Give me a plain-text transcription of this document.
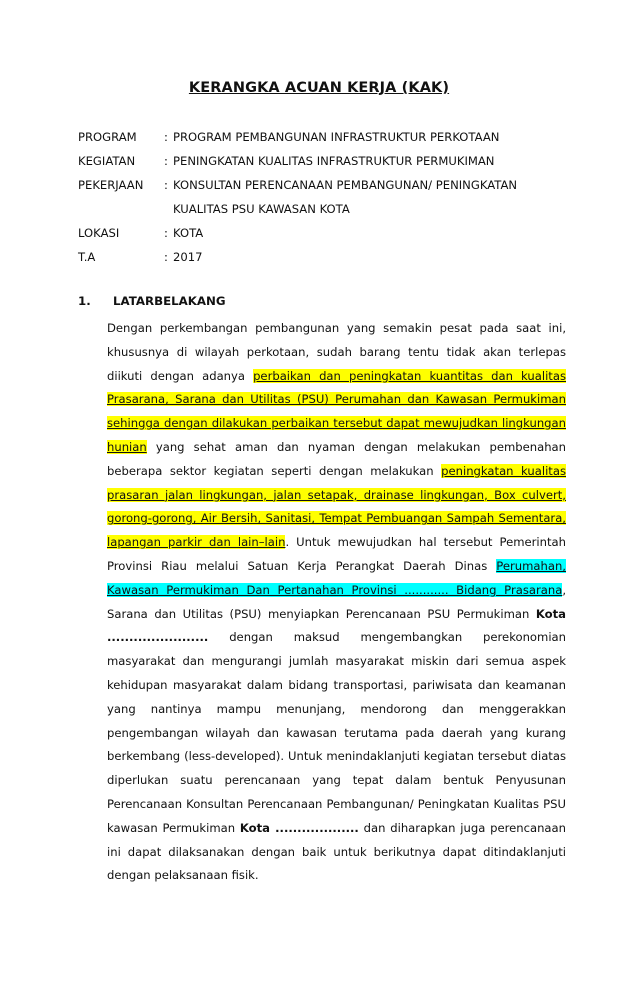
KERANGKA ACUAN KERJA (KAK)
PROGRAM : PROGRAM PEMBANGUNAN INFRASTRUKTUR PERKOTAAN
KEGIATAN : PENINGKATAN KUALITAS INFRASTRUKTUR PERMUKIMAN
PEKERJAAN : KONSULTAN PERENCANAAN PEMBANGUNAN/ PENINGKATAN
KUALITAS PSU KAWASAN KOTA
LOKASI	: KOTA
T.A	: 2017
1. LATARBELAKANG
Dengan perkembangan pembangunan yang semakin pesat pada saat ini, khususnya di wilayah perkotaan, sudah barang tentu tidak akan terlepas diikuti dengan adanya perbaikan dan peningkatan kuantitas dan kualitas Prasarana, Sarana dan Utilitas (PSU) Perumahan dan Kawasan Permukiman sehingga dengan dilakukan perbaikan tersebut dapat mewujudkan lingkungan hunian yang sehat aman dan nyaman dengan melakukan pembenahan beberapa sektor kegiatan seperti dengan melakukan peningkatan kualitas prasaran jalan lingkungan, jalan setapak, drainase lingkungan, Box culvert, gorong-gorong, Air Bersih, Sanitasi, Tempat Pembuangan Sampah Sementara, lapangan parkir dan lain–lain. Untuk mewujudkan hal tersebut Pemerintah Provinsi Riau melalui Satuan Kerja Perangkat Daerah Dinas Perumahan, Kawasan Permukiman Dan Pertanahan Provinsi ............ Bidang Prasarana, Sarana dan Utilitas (PSU) menyiapkan Perencanaan PSU Permukiman Kota ....................... dengan maksud mengembangkan perekonomian masyarakat dan mengurangi jumlah masyarakat miskin dari semua aspek kehidupan masyarakat dalam bidang transportasi, pariwisata dan keamanan yang nantinya mampu menunjang, mendorong dan menggerakkan pengembangan wilayah dan kawasan terutama pada daerah yang kurang berkembang (less-developed). Untuk menindaklanjuti kegiatan tersebut diatas diperlukan suatu perencanaan yang tepat dalam bentuk Penyusunan Perencanaan Konsultan Perencanaan Pembangunan/ Peningkatan Kualitas PSU kawasan Permukiman Kota ................... dan diharapkan juga perencanaan ini dapat dilaksanakan dengan baik untuk berikutnya dapat ditindaklanjuti dengan pelaksanaan fisik.
